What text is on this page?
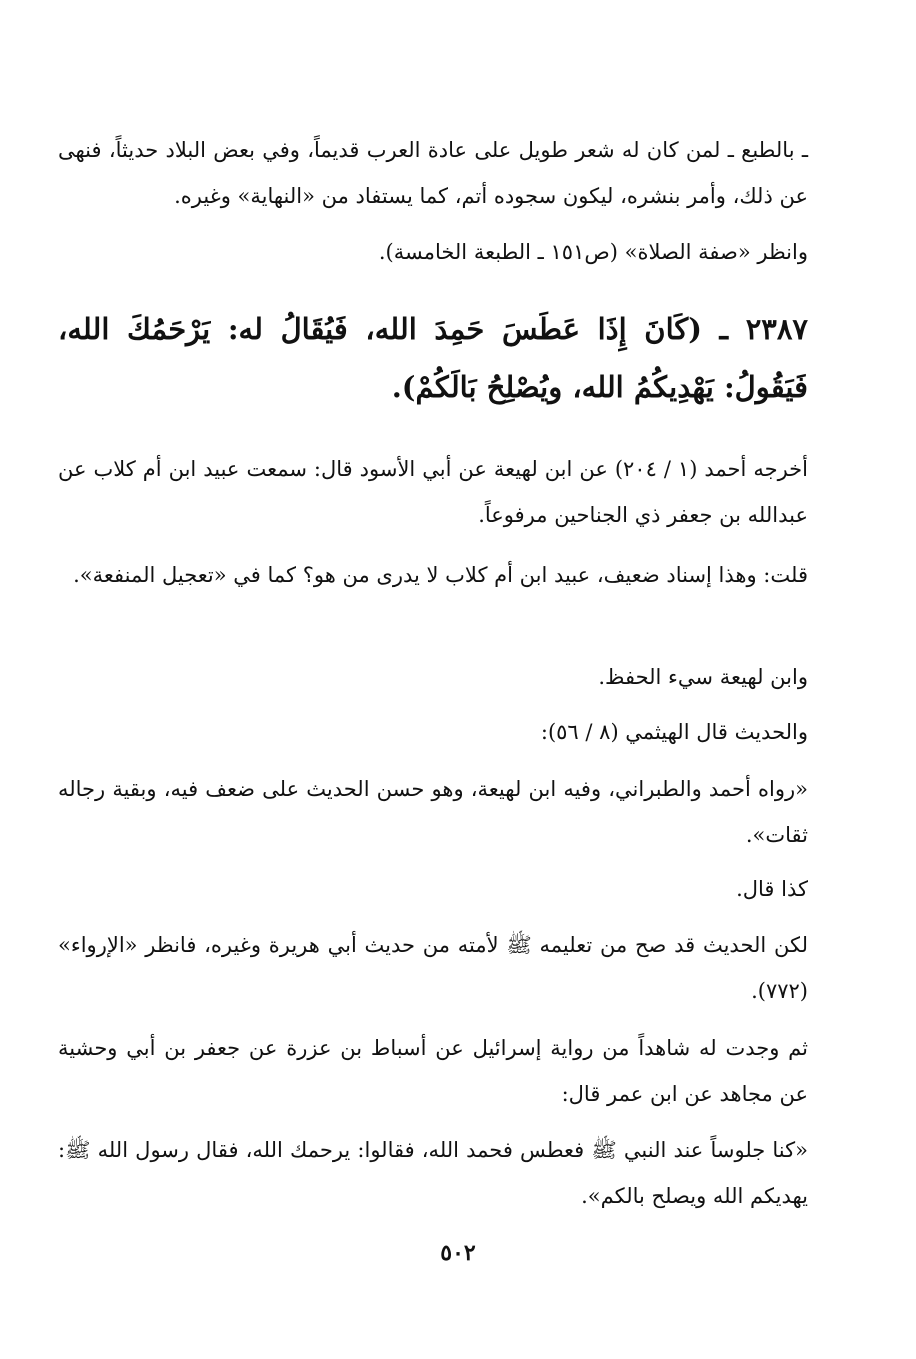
ـ بالطبع ـ لمن كان له شعر طويل على عادة العرب قديماً، وفي بعض البلاد حديثاً، فنهى عن ذلك، وأمر بنشره، ليكون سجوده أتم، كما يستفاد من «النهاية» وغيره.

وانظر «صفة الصلاة» (ص١٥١ ـ الطبعة الخامسة).

٢٣٨٧ ـ (كَانَ إِذَا عَطَسَ حَمِدَ الله، فَيُقَالُ له: يَرْحَمُكَ الله، فَيَقُولُ: يَهْدِيكُمُ الله، ويُصْلِحُ بَالَكُمْ).

أخرجه أحمد (١ / ٢٠٤) عن ابن لهيعة عن أبي الأسود قال: سمعت عبيد ابن أم كلاب عن عبدالله بن جعفر ذي الجناحين مرفوعاً.

قلت: وهذا إسناد ضعيف، عبيد ابن أم كلاب لا يدرى من هو؟ كما في «تعجيل المنفعة».

وابن لهيعة سيء الحفظ.

والحديث قال الهيثمي (٨ / ٥٦):

«رواه أحمد والطبراني، وفيه ابن لهيعة، وهو حسن الحديث على ضعف فيه، وبقية رجاله ثقات».

كذا قال.

لكن الحديث قد صح من تعليمه ﷺ لأمته من حديث أبي هريرة وغيره، فانظر «الإرواء» (٧٧٢).

ثم وجدت له شاهداً من رواية إسرائيل عن أسباط بن عزرة عن جعفر بن أبي وحشية عن مجاهد عن ابن عمر قال:

«كنا جلوساً عند النبي ﷺ فعطس فحمد الله، فقالوا: يرحمك الله، فقال رسول الله ﷺ: يهديكم الله ويصلح بالكم».

٥٠٢
